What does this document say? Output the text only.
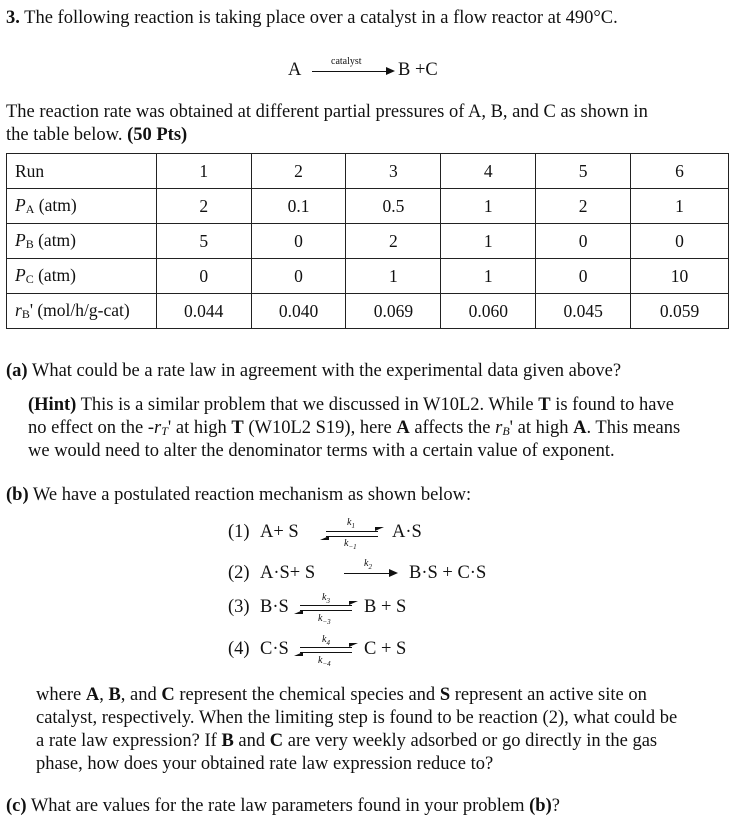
3. The following reaction is taking place over a catalyst in a flow reactor at 490°C.
A	catalyst B +C
The reaction rate was obtained at different partial pressures of A, B, and C as shown in
the table below. (50 Pts)
Run	1	2	3	4	5	6
$P_A$ (atm)	2	0.1	0.5	1	2	1
$P_B$ (atm)	5	0	2	1	0	0
$P_C$ (atm)	0	0	1	1	0	10
$r_B'$ (mol/h/g-cat)	0.044	0.040	0.069	0.060	0.045	0.059
(a) What could be a rate law in agreement with the experimental data given above?
(Hint) This is a similar problem that we discussed in W10L2. While T is found to have
no effect on the $-r_T'$ at high T (W10L2 S19), here A affects the $r_B'$ at high A. This means
we would need to alter the denominator terms with a certain value of exponent.
(b) We have a postulated reaction mechanism as shown below:
(1) A+ S	$k_1$
$k_{-1}$
A·S
(2) A·S+ S	$k_2$ B·S + C·S
(3) B·S	$k_3$
$k_{-3}$
B + S
(4) C·S	$k_4$
$k_{-4}$
C + S
where A, B, and C represent the chemical species and S represent an active site on
catalyst, respectively. When the limiting step is found to be reaction (2), what could be
a rate law expression? If B and C are very weekly adsorbed or go directly in the gas
phase, how does your obtained rate law expression reduce to?
(c) What are values for the rate law parameters found in your problem (b)?
